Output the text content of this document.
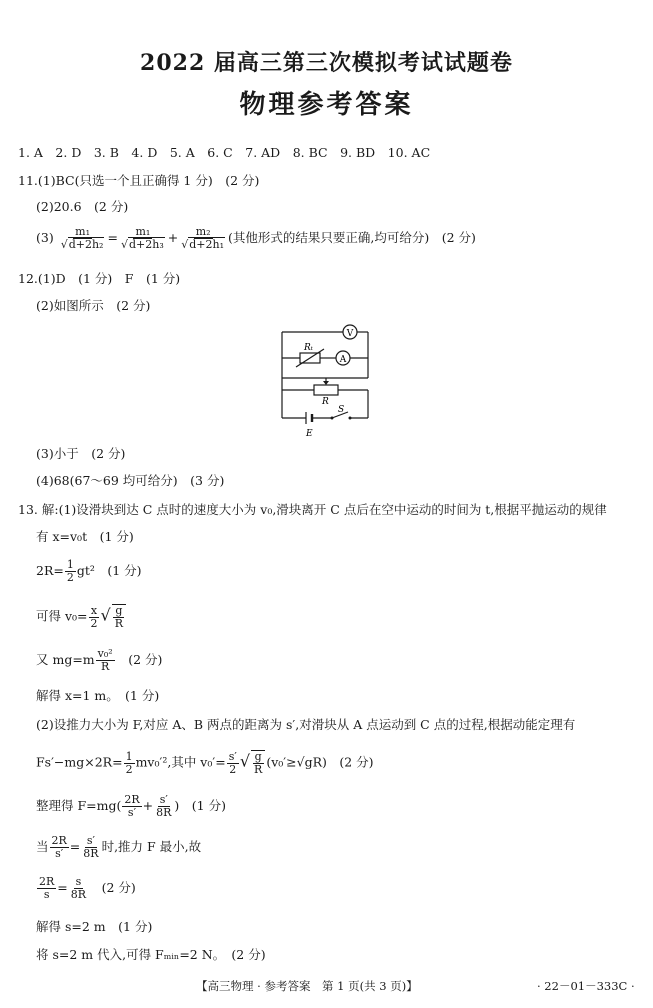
2022 届高三第三次模拟考试试题卷
物理参考答案
1. A　2. D　3. B　4. D　5. A　6. C　7. AD　8. BC　9. BD　10. AC
11.(1)BC(只选一个且正确得 1 分)　(2 分)
(2)20.6　(2 分)
$(3) \frac{\text{m₁}}{\text{√d+2h₂}} = \frac{\text{m₁}}{\text{√d+2h₃}} + \frac{\text{m₂}}{\text{√d+2h₁}}$ (其他形式的结果只要正确,均可给分)　(2 分)
12.(1)D　(1 分)　F　(1 分)
(2)如图所示　(2 分)
V
A
Rₜ
R
S
E
(3)小于　(2 分)
(4)68(67～69 均可给分)　(3 分)
13. 解:(1)设滑块到达 C 点时的速度大小为 v₀,滑块离开 C 点后在空中运动的时间为 t,根据平抛运动的规律
有 x=v₀t　(1 分)
$2R= \frac{1}{2} gt^2$　(1 分)
可得 $v_0= \frac{x}{2}$ √ $\frac{g}{R}$
又 $mg=m \frac{\text{v₀²}}{R}$
　 (2 分)
解得 x=1 m。　(1 分)
(2)设推力大小为 F,对应 A、B 两点的距离为 s′,对滑块从 A 点运动到 C 点的过程,根据动能定理有
$Fs'-mg\times 2R= \frac{1}{2} mv_0'^2$,其中 $v_0'= \frac{s'}{2}$ √ $\frac{g}{R} (v_0'\ge√gR)$　(2 分)
整理得 $F=mg( \frac{2R}{s'} + \frac{s'}{8R}$ )　(1 分)
当 $\frac{2R}{s'} = \frac{s'}{8R}$ 时,推力 F 最小,故
$\frac{2R}{s} = \frac{s}{8R}$
　 (2 分)
解得 s=2 m　(1 分)
将 s=2 m 代入,可得 Fₘᵢₙ=2 N。　(2 分)
【高三物理 · 参考答案　第 1 页(共 3 页)】	· 22－01－333C ·
